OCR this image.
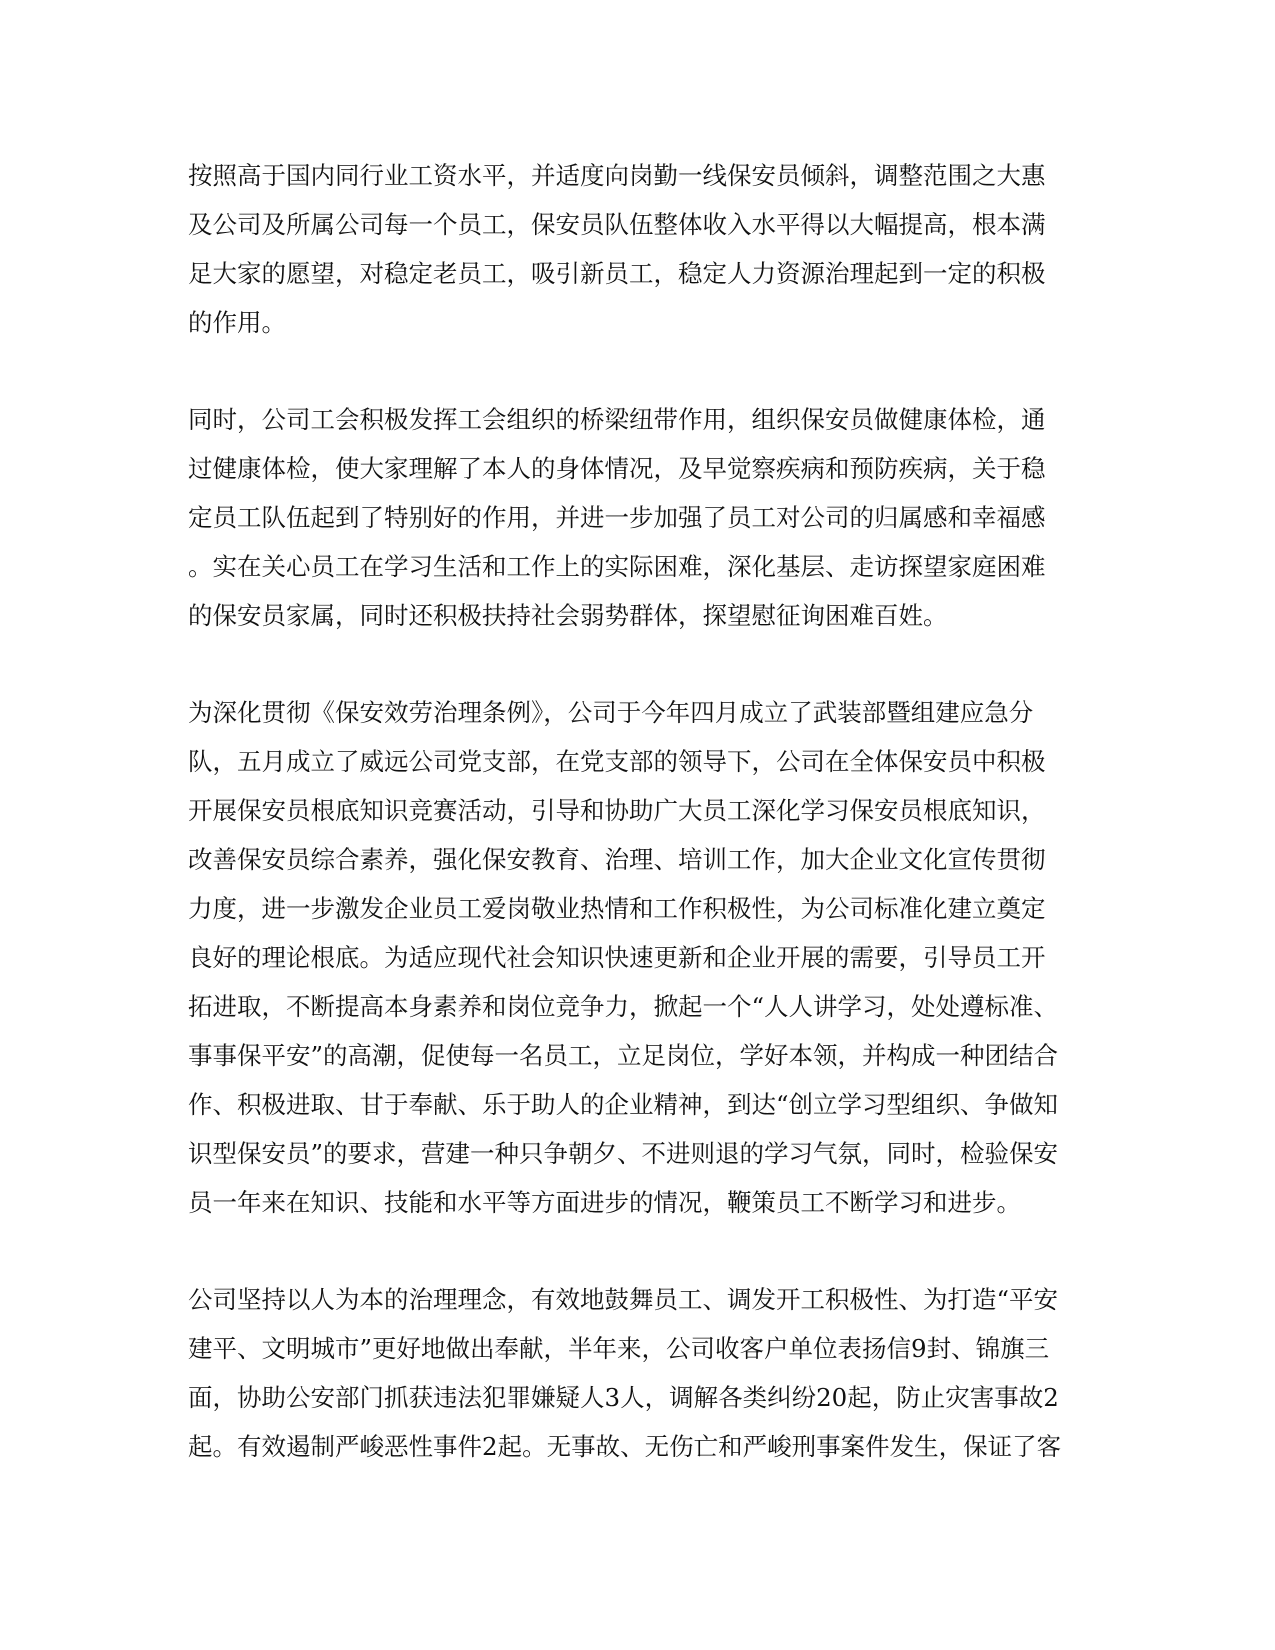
按照高于国内同行业工资水平，并适度向岗勤一线保安员倾斜，调整范围之大惠
及公司及所属公司每一个员工，保安员队伍整体收入水平得以大幅提高，根本满
足大家的愿望，对稳定老员工，吸引新员工，稳定人力资源治理起到一定的积极
的作用。
同时，公司工会积极发挥工会组织的桥梁纽带作用，组织保安员做健康体检，通
过健康体检，使大家理解了本人的身体情况，及早觉察疾病和预防疾病，关于稳
定员工队伍起到了特别好的作用，并进一步加强了员工对公司的归属感和幸福感
。实在关心员工在学习生活和工作上的实际困难，深化基层、走访探望家庭困难
的保安员家属，同时还积极扶持社会弱势群体，探望慰征询困难百姓。
为深化贯彻《保安效劳治理条例》，公司于今年四月成立了武装部暨组建应急分
队，五月成立了威远公司党支部，在党支部的领导下，公司在全体保安员中积极
开展保安员根底知识竞赛活动，引导和协助广大员工深化学习保安员根底知识，
改善保安员综合素养，强化保安教育、治理、培训工作，加大企业文化宣传贯彻
力度，进一步激发企业员工爱岗敬业热情和工作积极性，为公司标准化建立奠定
良好的理论根底。为适应现代社会知识快速更新和企业开展的需要，引导员工开
拓进取，不断提高本身素养和岗位竞争力，掀起一个“人人讲学习，处处遵标准、
事事保平安”的高潮，促使每一名员工，立足岗位，学好本领，并构成一种团结合
作、积极进取、甘于奉献、乐于助人的企业精神，到达“创立学习型组织、争做知
识型保安员”的要求，营建一种只争朝夕、不进则退的学习气氛，同时，检验保安
员一年来在知识、技能和水平等方面进步的情况，鞭策员工不断学习和进步。
公司坚持以人为本的治理理念，有效地鼓舞员工、调发开工积极性、为打造“平安
建平、文明城市”更好地做出奉献，半年来，公司收客户单位表扬信9封、锦旗三
面，协助公安部门抓获违法犯罪嫌疑人3人，调解各类纠纷20起，防止灾害事故2
起。有效遏制严峻恶性事件2起。无事故、无伤亡和严峻刑事案件发生，保证了客
